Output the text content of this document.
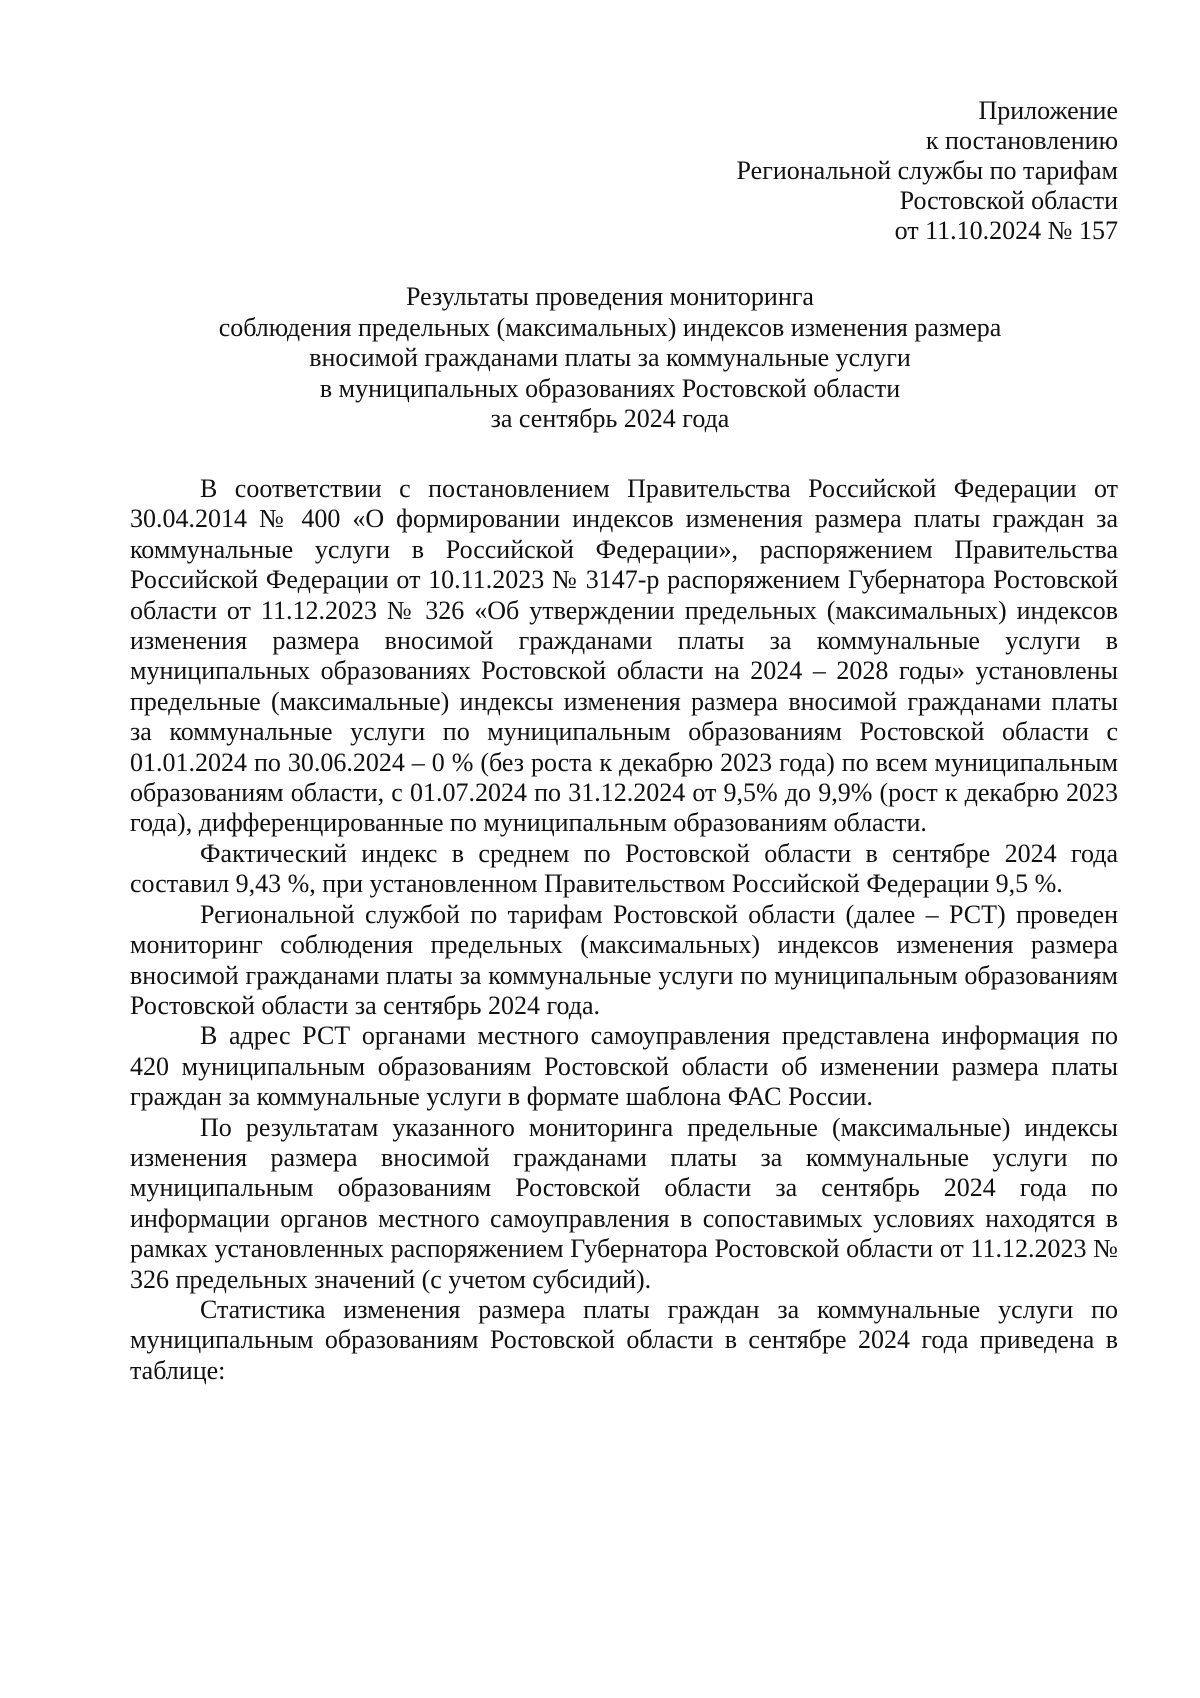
Приложение
к постановлению
Региональной службы по тарифам
Ростовской области
от 11.10.2024 № 157
Результаты проведения мониторинга
соблюдения предельных (максимальных) индексов изменения размера
вносимой гражданами платы за коммунальные услуги
в муниципальных образованиях Ростовской области
за сентябрь 2024 года

В соответствии с постановлением Правительства Российской Федерации от 30.04.2014 № 400 «О формировании индексов изменения размера платы граждан за коммунальные услуги в Российской Федерации», распоряжением Правительства Российской Федерации от 10.11.2023 № 3147-р распоряжением Губернатора Ростовской области от 11.12.2023 № 326 «Об утверждении предельных (максимальных) индексов изменения размера вносимой гражданами платы за коммунальные услуги в муниципальных образованиях Ростовской области на 2024 – 2028 годы» установлены предельные (максимальные) индексы изменения размера вносимой гражданами платы за коммунальные услуги по муниципальным образованиям Ростовской области с 01.01.2024 по 30.06.2024 – 0 % (без роста к декабрю 2023 года) по всем муниципальным образованиям области, с 01.07.2024 по 31.12.2024 от 9,5% до 9,9% (рост к декабрю 2023 года), дифференцированные по муниципальным образованиям области.

Фактический индекс в среднем по Ростовской области в сентябре 2024 года составил 9,43 %, при установленном Правительством Российской Федерации 9,5 %.

Региональной службой по тарифам Ростовской области (далее – РСТ) проведен мониторинг соблюдения предельных (максимальных) индексов изменения размера вносимой гражданами платы за коммунальные услуги по муниципальным образованиям Ростовской области за сентябрь 2024 года.

В адрес РСТ органами местного самоуправления представлена информация по 420 муниципальным образованиям Ростовской области об изменении размера платы граждан за коммунальные услуги в формате шаблона ФАС России.

По результатам указанного мониторинга предельные (максимальные) индексы изменения размера вносимой гражданами платы за коммунальные услуги по муниципальным образованиям Ростовской области за сентябрь 2024 года по информации органов местного самоуправления в сопоставимых условиях находятся в рамках установленных распоряжением Губернатора Ростовской области от 11.12.2023 № 326 предельных значений (с учетом субсидий).

Статистика изменения размера платы граждан за коммунальные услуги по муниципальным образованиям Ростовской области в сентябре 2024 года приведена в таблице:
